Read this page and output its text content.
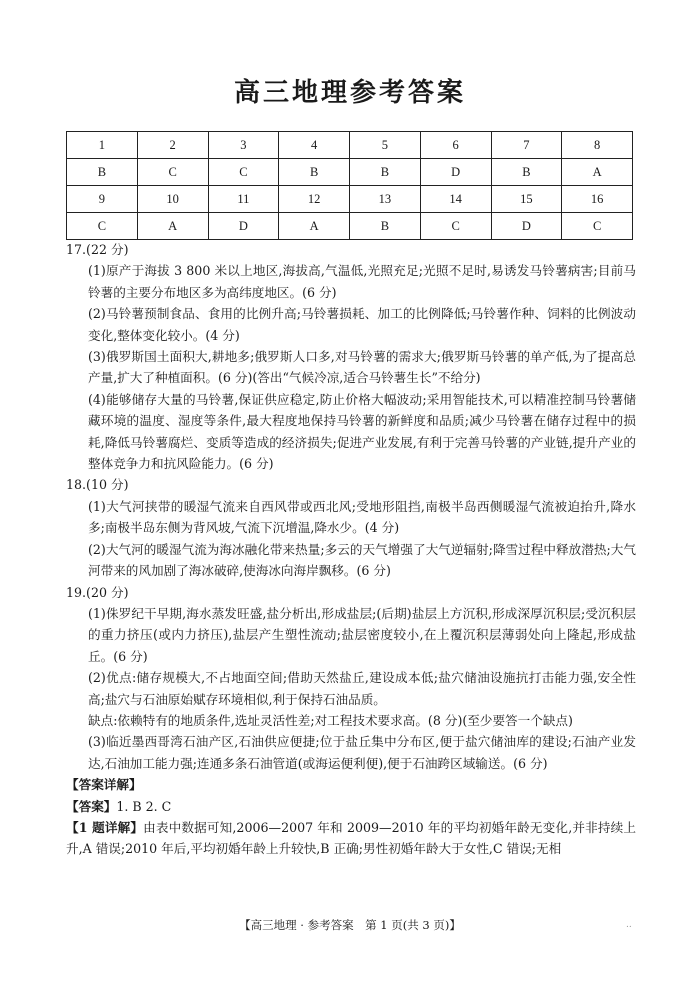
高三地理参考答案
1	2	3	4	5	6	7	8
B	C	C	B	B	D	B	A
9	10	11	12	13	14	15	16
C	A	D	A	B	C	D	C
17.(22 分)
(1)原产于海拔 3 800 米以上地区,海拔高,气温低,光照充足;光照不足时,易诱发马铃薯病害;目前马铃薯的主要分布地区多为高纬度地区。(6 分)
(2)马铃薯预制食品、食用的比例升高;马铃薯损耗、加工的比例降低;马铃薯作种、饲料的比例波动变化,整体变化较小。(4 分)
(3)俄罗斯国土面积大,耕地多;俄罗斯人口多,对马铃薯的需求大;俄罗斯马铃薯的单产低,为了提高总产量,扩大了种植面积。(6 分)(答出“气候冷凉,适合马铃薯生长”不给分)
(4)能够储存大量的马铃薯,保证供应稳定,防止价格大幅波动;采用智能技术,可以精准控制马铃薯储藏环境的温度、湿度等条件,最大程度地保持马铃薯的新鲜度和品质;减少马铃薯在储存过程中的损耗,降低马铃薯腐烂、变质等造成的经济损失;促进产业发展,有利于完善马铃薯的产业链,提升产业的整体竞争力和抗风险能力。(6 分)
18.(10 分)
(1)大气河挟带的暖湿气流来自西风带或西北风;受地形阻挡,南极半岛西侧暖湿气流被迫抬升,降水多;南极半岛东侧为背风坡,气流下沉增温,降水少。(4 分)
(2)大气河的暖湿气流为海冰融化带来热量;多云的天气增强了大气逆辐射;降雪过程中释放潜热;大气河带来的风加剧了海冰破碎,使海冰向海岸飘移。(6 分)
19.(20 分)
(1)侏罗纪干早期,海水蒸发旺盛,盐分析出,形成盐层;(后期)盐层上方沉积,形成深厚沉积层;受沉积层的重力挤压(或内力挤压),盐层产生塑性流动;盐层密度较小,在上覆沉积层薄弱处向上隆起,形成盐丘。(6 分)
(2)优点:储存规模大,不占地面空间;借助天然盐丘,建设成本低;盐穴储油设施抗打击能力强,安全性高;盐穴与石油原始赋存环境相似,利于保持石油品质。
缺点:依赖特有的地质条件,选址灵活性差;对工程技术要求高。(8 分)(至少要答一个缺点)
(3)临近墨西哥湾石油产区,石油供应便捷;位于盐丘集中分布区,便于盐穴储油库的建设;石油产业发达,石油加工能力强;连通多条石油管道(或海运便利便),便于石油跨区域输送。(6 分)
【答案详解】
【答案】1. B 2. C
【1 题详解】由表中数据可知,2006—2007 年和 2009—2010 年的平均初婚年龄无变化,并非持续上升,A 错误;2010 年后,平均初婚年龄上升较快,B 正确;男性初婚年龄大于女性,C 错误;无相
【高三地理 · 参考答案　第 1 页(共 3 页)】	..
